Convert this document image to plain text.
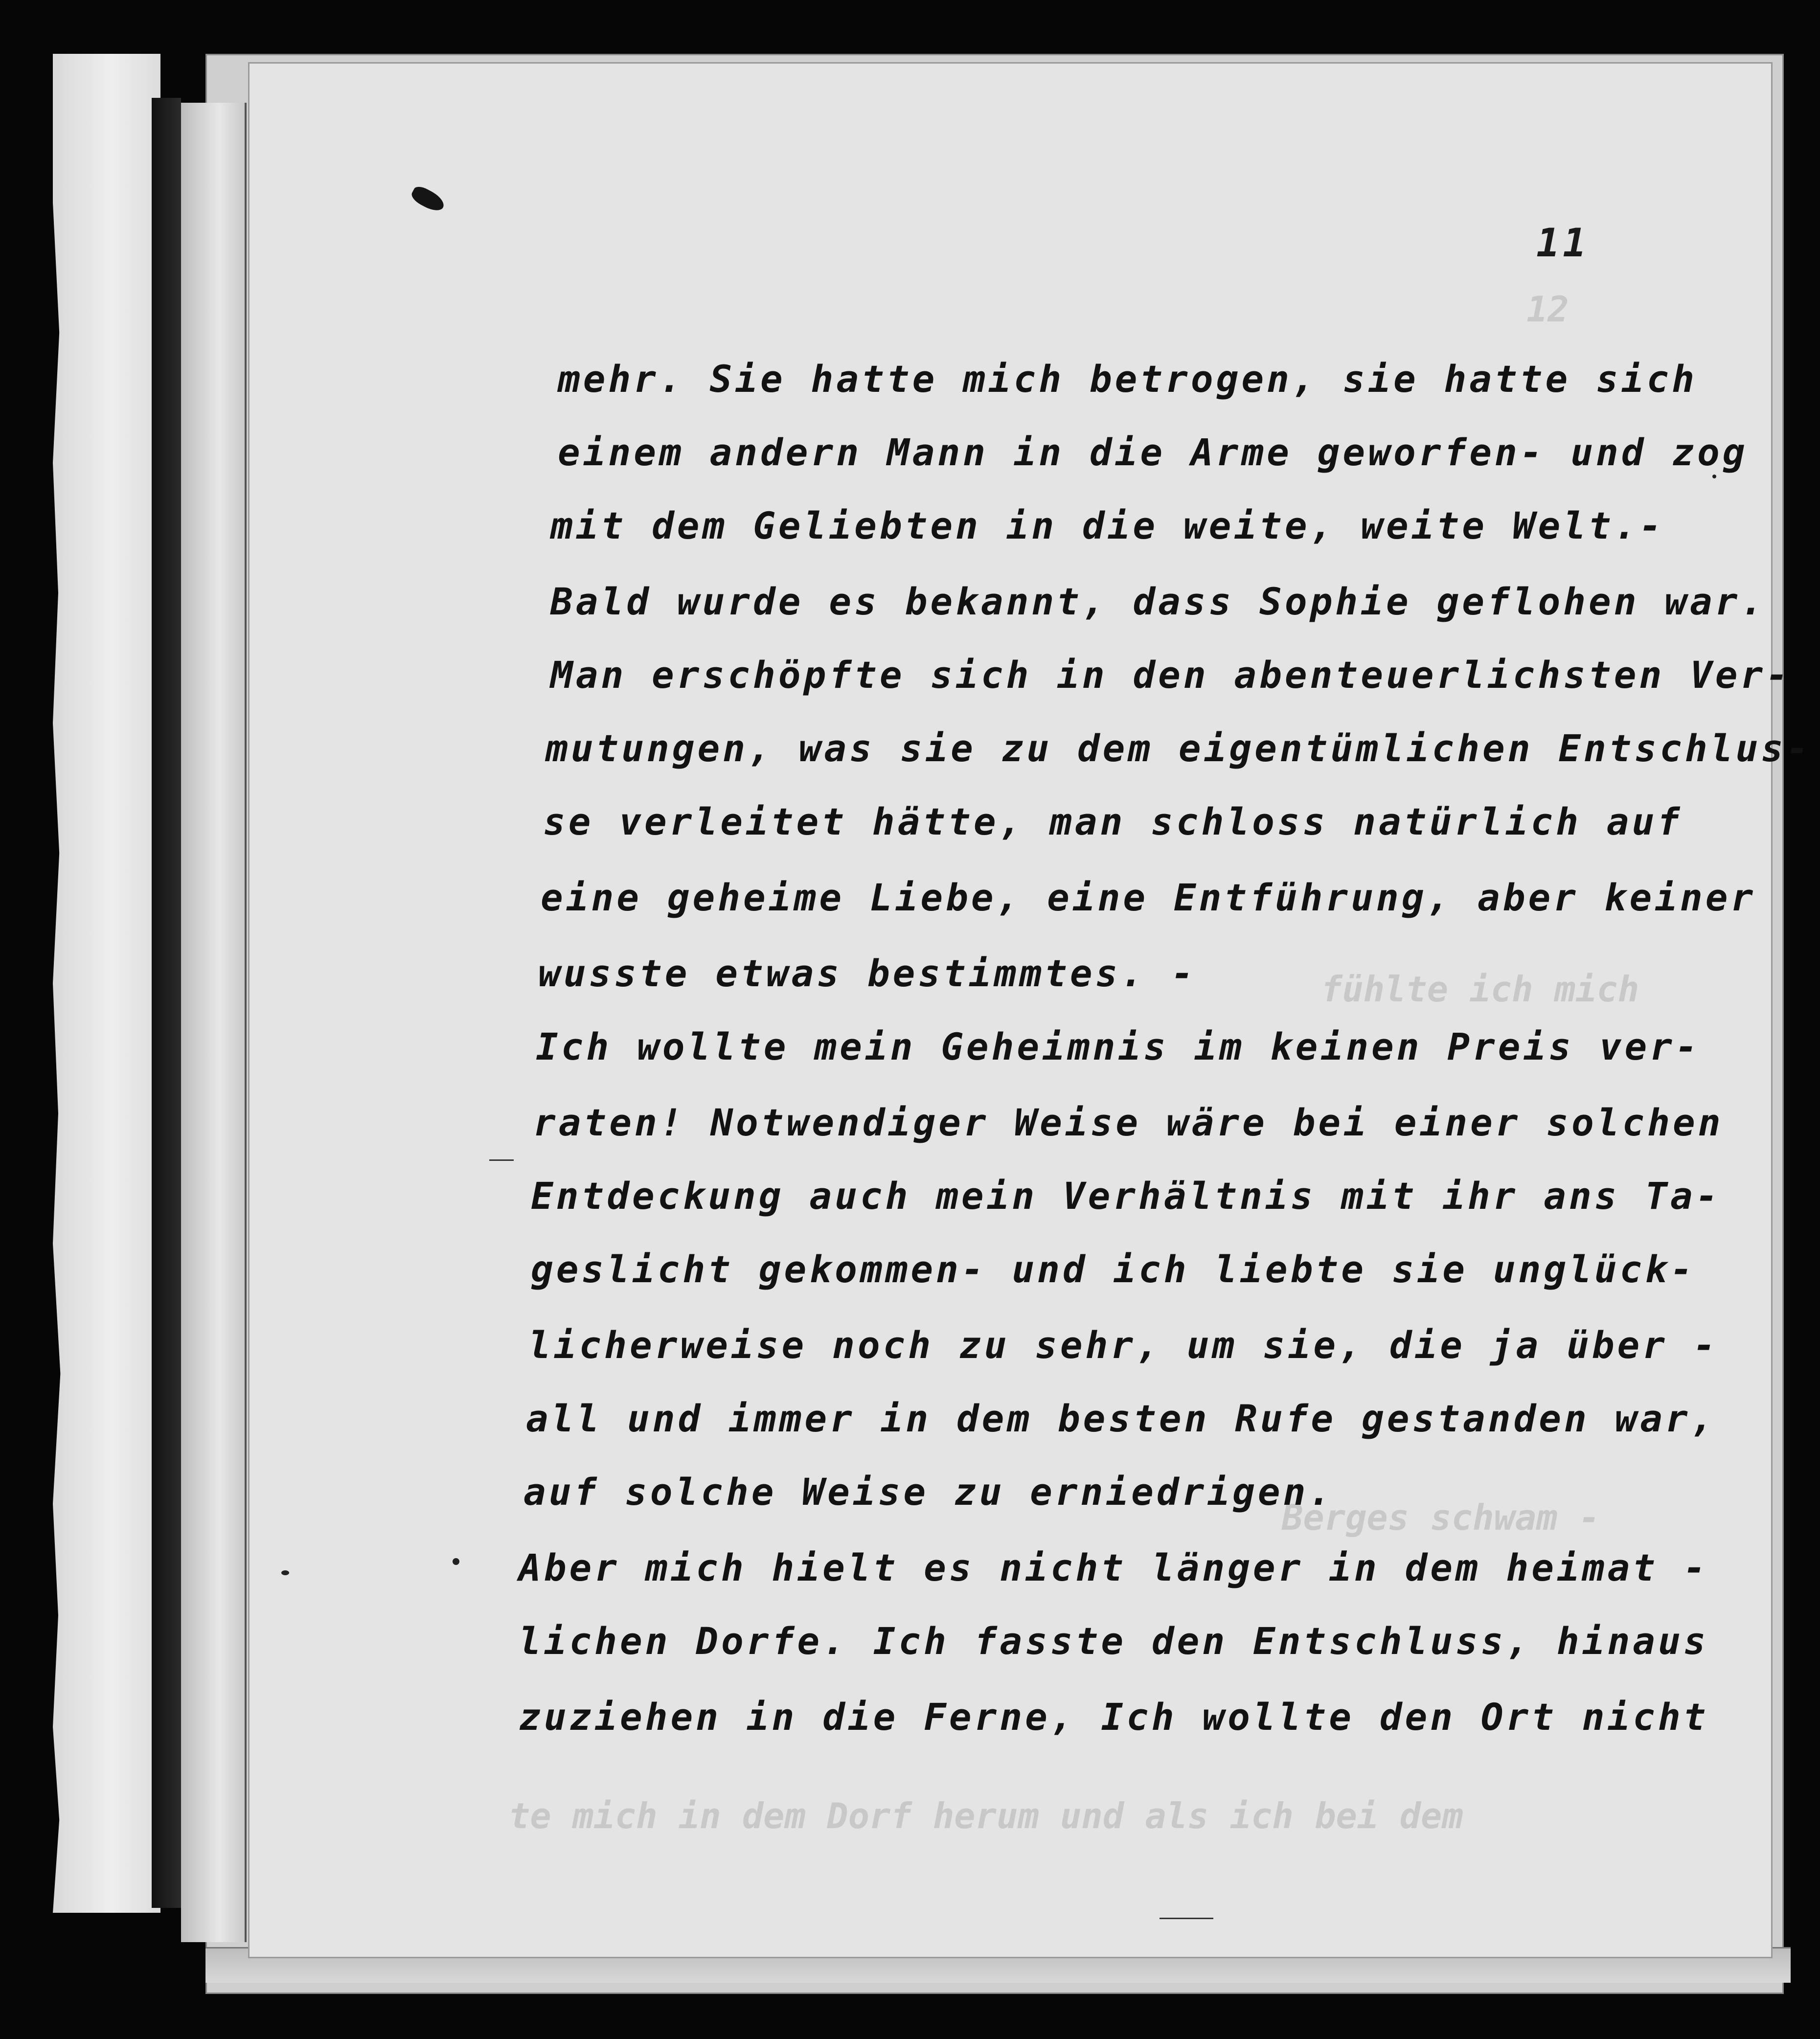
12
fühlte ich mich
Berges schwam -
te mich in dem Dorf herum und als ich bei dem
11
mehr. Sie hatte mich betrogen, sie hatte sich
einem andern Mann in die Arme geworfen- und zog
mit dem Geliebten in die weite, weite Welt.-
Bald wurde es bekannt, dass Sophie geflohen war.
Man erschöpfte sich in den abenteuerlichsten Ver-
mutungen, was sie zu dem eigentümlichen Entschlus-
se verleitet hätte, man schloss natürlich auf
eine geheime Liebe, eine Entführung, aber keiner
wusste etwas bestimmtes. -
Ich wollte mein Geheimnis im keinen Preis ver-
raten! Notwendiger Weise wäre bei einer solchen
Entdeckung auch mein Verhältnis mit ihr ans Ta-
geslicht gekommen- und ich liebte sie unglück-
licherweise noch zu sehr, um sie, die ja über -
all und immer in dem besten Rufe gestanden war,
auf solche Weise zu erniedrigen.
Aber mich hielt es nicht länger in dem heimat -
lichen Dorfe. Ich fasste den Entschluss, hinaus
zuziehen in die Ferne, Ich wollte den Ort nicht
